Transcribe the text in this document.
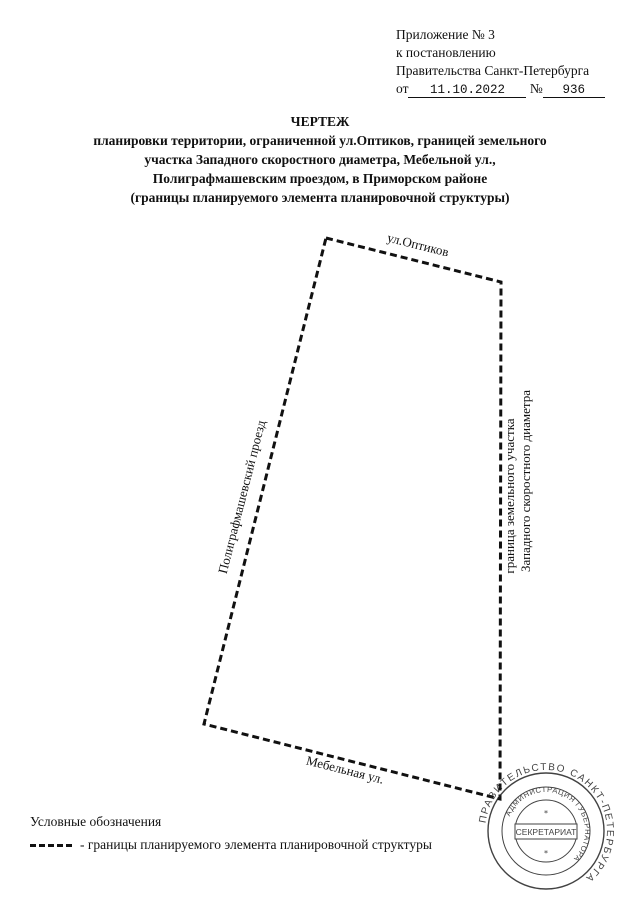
Приложение № 3
к постановлению
Правительства Санкт-Петербурга
от 11.10.2022 № 936
ЧЕРТЕЖ
планировки территории, ограниченной ул.Оптиков, границей земельного
участка Западного скоростного диаметра, Мебельной ул.,
Полиграфмашевским проездом, в Приморском районе
(границы планируемого элемента планировочной структуры)
ул.Оптиков
Полиграфмашевский проезд
Мебельная ул.
граница земельного участка Западного скоростного диаметра
ПРАВИТЕЛЬСТВО САНКТ-ПЕТЕРБУРГА
АДМИНИСТРАЦИЯ ГУБЕРНАТОРА
СЕКРЕТАРИАТ
*
*
Условные обозначения
- границы планируемого элемента планировочной структуры
